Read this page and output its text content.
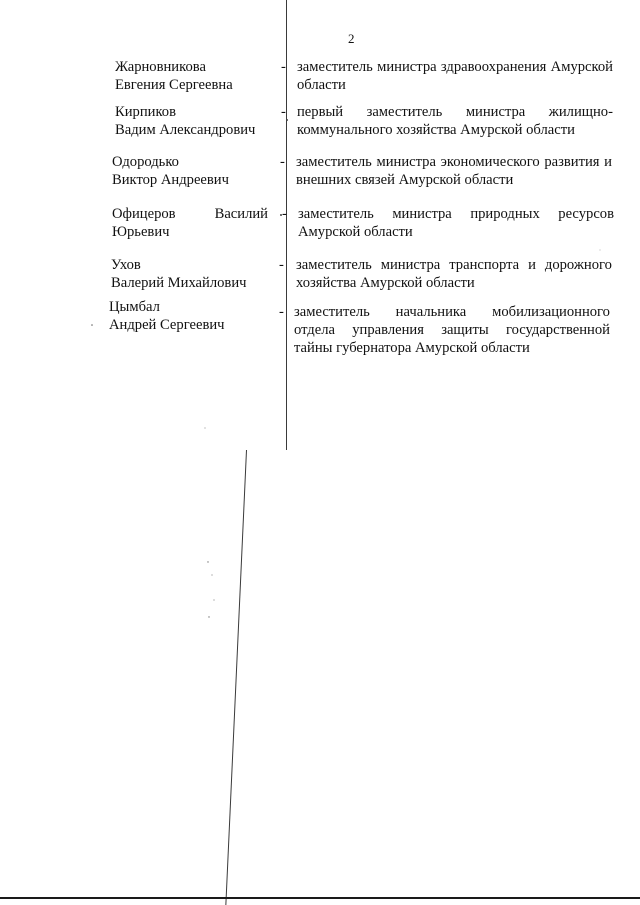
2
Жарновникова
Евгения Сергеевна
- заместитель министра здравоохранения Амурской
области
Кирпиков
Вадим Александрович
- первый заместитель министра жилищно-
коммунального хозяйства Амурской области
Одородько
Виктор Андреевич
- заместитель министра экономического развития и
внешних связей Амурской области
Офицеров	Василий
Юрьевич
- заместитель министра природных ресурсов
Амурской области
Ухов
Валерий Михайлович
- заместитель министра транспорта и дорожного
хозяйства Амурской области
Цымбал
Андрей Сергеевич
- заместитель начальника мобилизационного
отдела управления защиты государственной
тайны губернатора Амурской области
